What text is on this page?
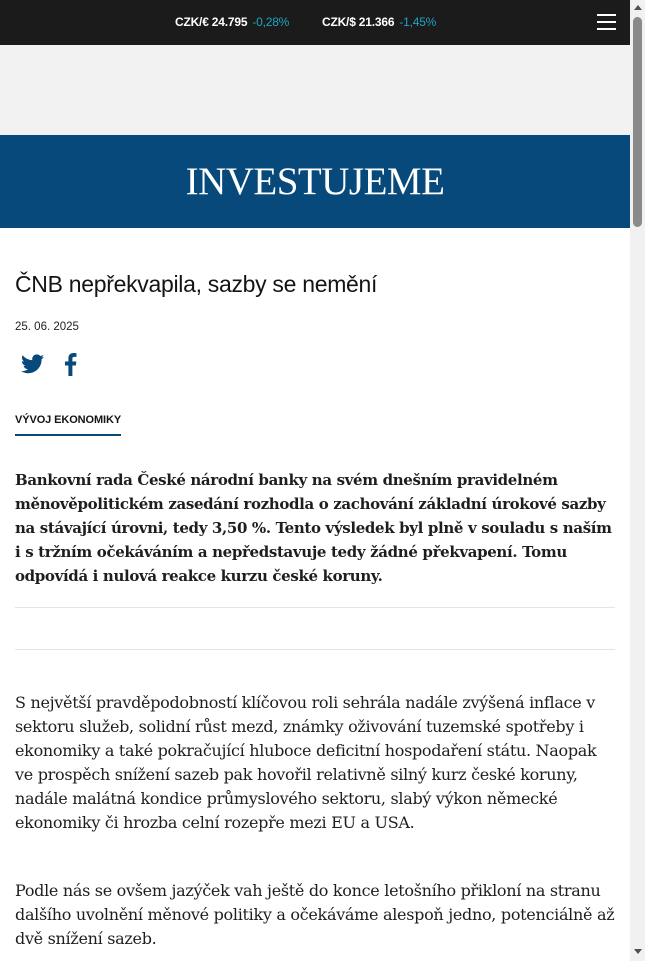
CZK/€ 24.795 -0,28%	CZK/$ 21.366 -1,45%
INVESTUJEME
ČNB nepřekvapila, sazby se nemění
25. 06. 2025
VÝVOJ EKONOMIKY

Bankovní rada České národní banky na svém dnešním pravidelném měnověpolitickém zasedání rozhodla o zachování základní úrokové sazby na stávající úrovni, tedy 3,50 %. Tento výsledek byl plně v souladu s naším i s tržním očekáváním a nepředstavuje tedy žádné překvapení. Tomu odpovídá i nulová reakce kurzu české koruny.

S největší pravděpodobností klíčovou roli sehrála nadále zvýšená inflace v sektoru služeb, solidní růst mezd, známky oživování tuzemské spotřeby i ekonomiky a také pokračující hluboce deficitní hospodaření státu. Naopak ve prospěch snížení sazeb pak hovořil relativně silný kurz české koruny, nadále malátná kondice průmyslového sektoru, slabý výkon německé ekonomiky či hrozba celní rozepře mezi EU a USA.

Podle nás se ovšem jazýček vah ještě do konce letošního přikloní na stranu dalšího uvolnění měnové politiky a očekáváme alespoň jedno, potenciálně až dvě snížení sazeb.
